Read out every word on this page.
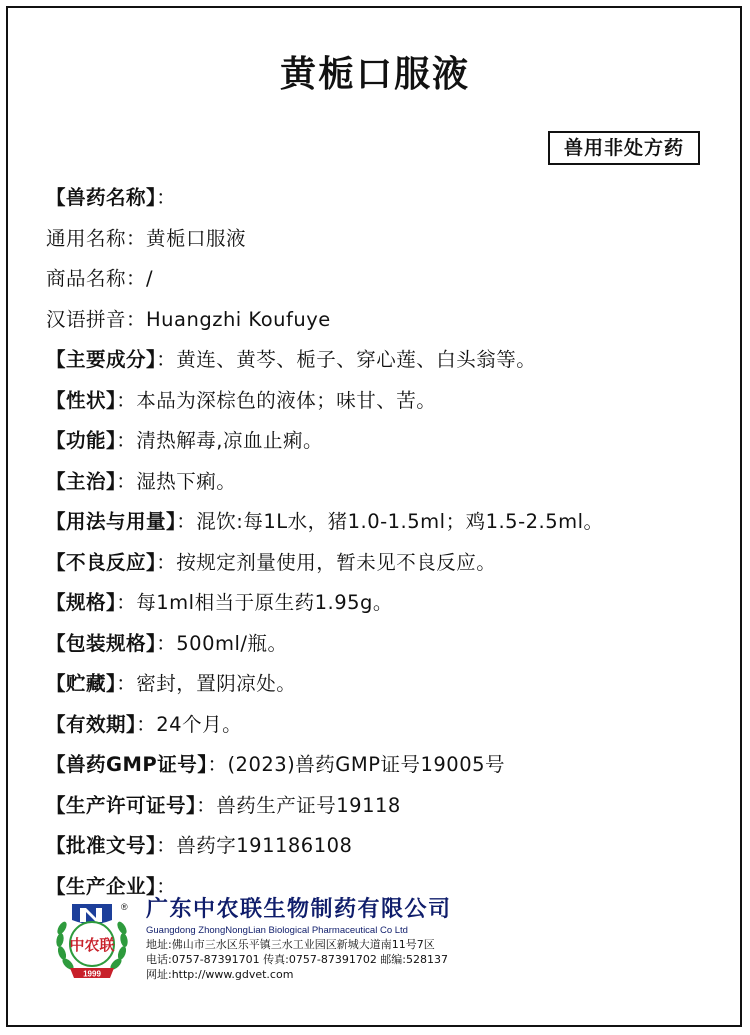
黄栀口服液
兽用非处方药
【兽药名称】：
通用名称：黄栀口服液
商品名称：/
汉语拼音：Huangzhi Koufuye
【主要成分】：黄连、黄芩、栀子、穿心莲、白头翁等。
【性状】：本品为深棕色的液体；味甘、苦。
【功能】：清热解毒,凉血止痢。
【主治】：湿热下痢。
【用法与用量】：混饮:每1L水，猪1.0-1.5ml；鸡1.5-2.5ml。
【不良反应】：按规定剂量使用，暂未见不良反应。
【规格】：每1ml相当于原生药1.95g。
【包装规格】：500ml/瓶。
【贮藏】：密封，置阴凉处。
【有效期】：24个月。
【兽药GMP证号】：(2023)兽药GMP证号19005号
【生产许可证号】：兽药生产证号19118
【批准文号】：兽药字191186108
【生产企业】：
中农联
1999
® 广东中农联生物制药有限公司
Guangdong ZhongNongLian Biological Pharmaceutical Co Ltd
地址:佛山市三水区乐平镇三水工业园区新城大道南11号7区
电话:0757-87391701 传真:0757-87391702 邮编:528137
网址:http://www.gdvet.com
